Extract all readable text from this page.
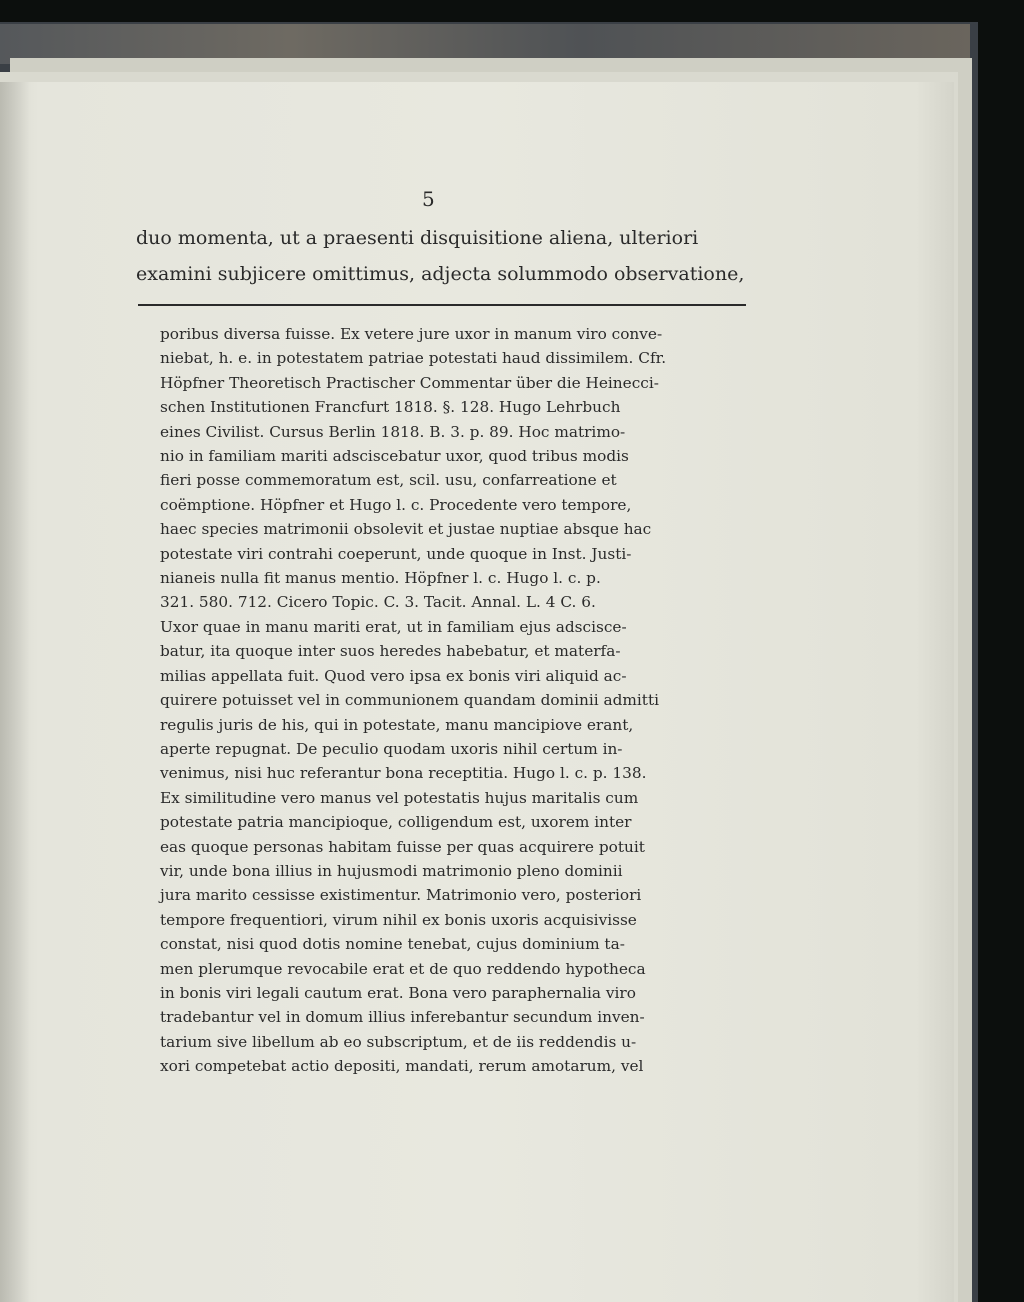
5
duo momenta, ut a praesenti disquisitione aliena, ulteriori
examini subjicere omittimus, adjecta solummodo observatione,
poribus diversa fuisse. Ex vetere jure uxor in manum viro conve-
niebat, h. e. in potestatem patriae potestati haud dissimilem. Cfr.
Höpfner Theoretisch Practischer Commentar über die Heinecci-
schen Institutionen Francfurt 1818. §. 128. Hugo Lehrbuch
eines Civilist. Cursus Berlin 1818. B. 3. p. 89. Hoc matrimo-
nio in familiam mariti adsciscebatur uxor, quod tribus modis
fieri posse commemoratum est, scil. usu, confarreatione et
coëmptione. Höpfner et Hugo l. c. Procedente vero tempore,
haec species matrimonii obsolevit et justae nuptiae absque hac
potestate viri contrahi coeperunt, unde quoque in Inst. Justi-
nianeis nulla fit manus mentio. Höpfner l. c. Hugo l. c. p.
321. 580. 712. Cicero Topic. C. 3. Tacit. Annal. L. 4 C. 6.
Uxor quae in manu mariti erat, ut in familiam ejus adscisce-
batur, ita quoque inter suos heredes habebatur, et materfa-
milias appellata fuit. Quod vero ipsa ex bonis viri aliquid ac-
quirere potuisset vel in communionem quandam dominii admitti
regulis juris de his, qui in potestate, manu mancipiove erant,
aperte repugnat. De peculio quodam uxoris nihil certum in-
venimus, nisi huc referantur bona receptitia. Hugo l. c. p. 138.
Ex similitudine vero manus vel potestatis hujus maritalis cum
potestate patria mancipioque, colligendum est, uxorem inter
eas quoque personas habitam fuisse per quas acquirere potuit
vir, unde bona illius in hujusmodi matrimonio pleno dominii
jura marito cessisse existimentur. Matrimonio vero, posteriori
tempore frequentiori, virum nihil ex bonis uxoris acquisivisse
constat, nisi quod dotis nomine tenebat, cujus dominium ta-
men plerumque revocabile erat et de quo reddendo hypotheca
in bonis viri legali cautum erat. Bona vero paraphernalia viro
tradebantur vel in domum illius inferebantur secundum inven-
tarium sive libellum ab eo subscriptum, et de iis reddendis u-
xori competebat actio depositi, mandati, rerum amotarum, vel
